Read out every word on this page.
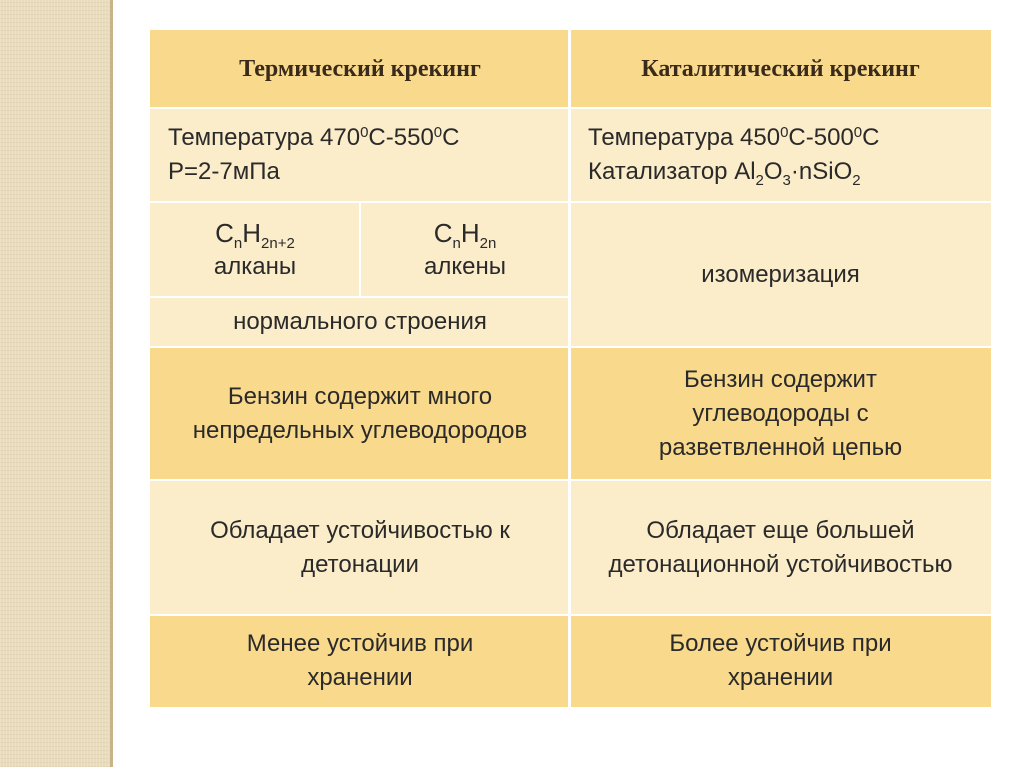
Термический крекинг	Каталитический крекинг
Температура $470^0С-550^0С$
Р=2-7мПа
Температура $450^0С-500^0С$
Катализатор $Al_2O_3\cdot nSiO_2$
$C_nH_{2n+2}$
алканы
$C_nH_{2n}$
алкены
нормального строения
изомеризация
Бензин содержит много непредельных углеводородов
Бензин содержит углеводороды с разветвленной цепью
Обладает устойчивостью к детонации
Обладает еще большей детонационной устойчивостью
Менее устойчив при хранении
Более устойчив при хранении
